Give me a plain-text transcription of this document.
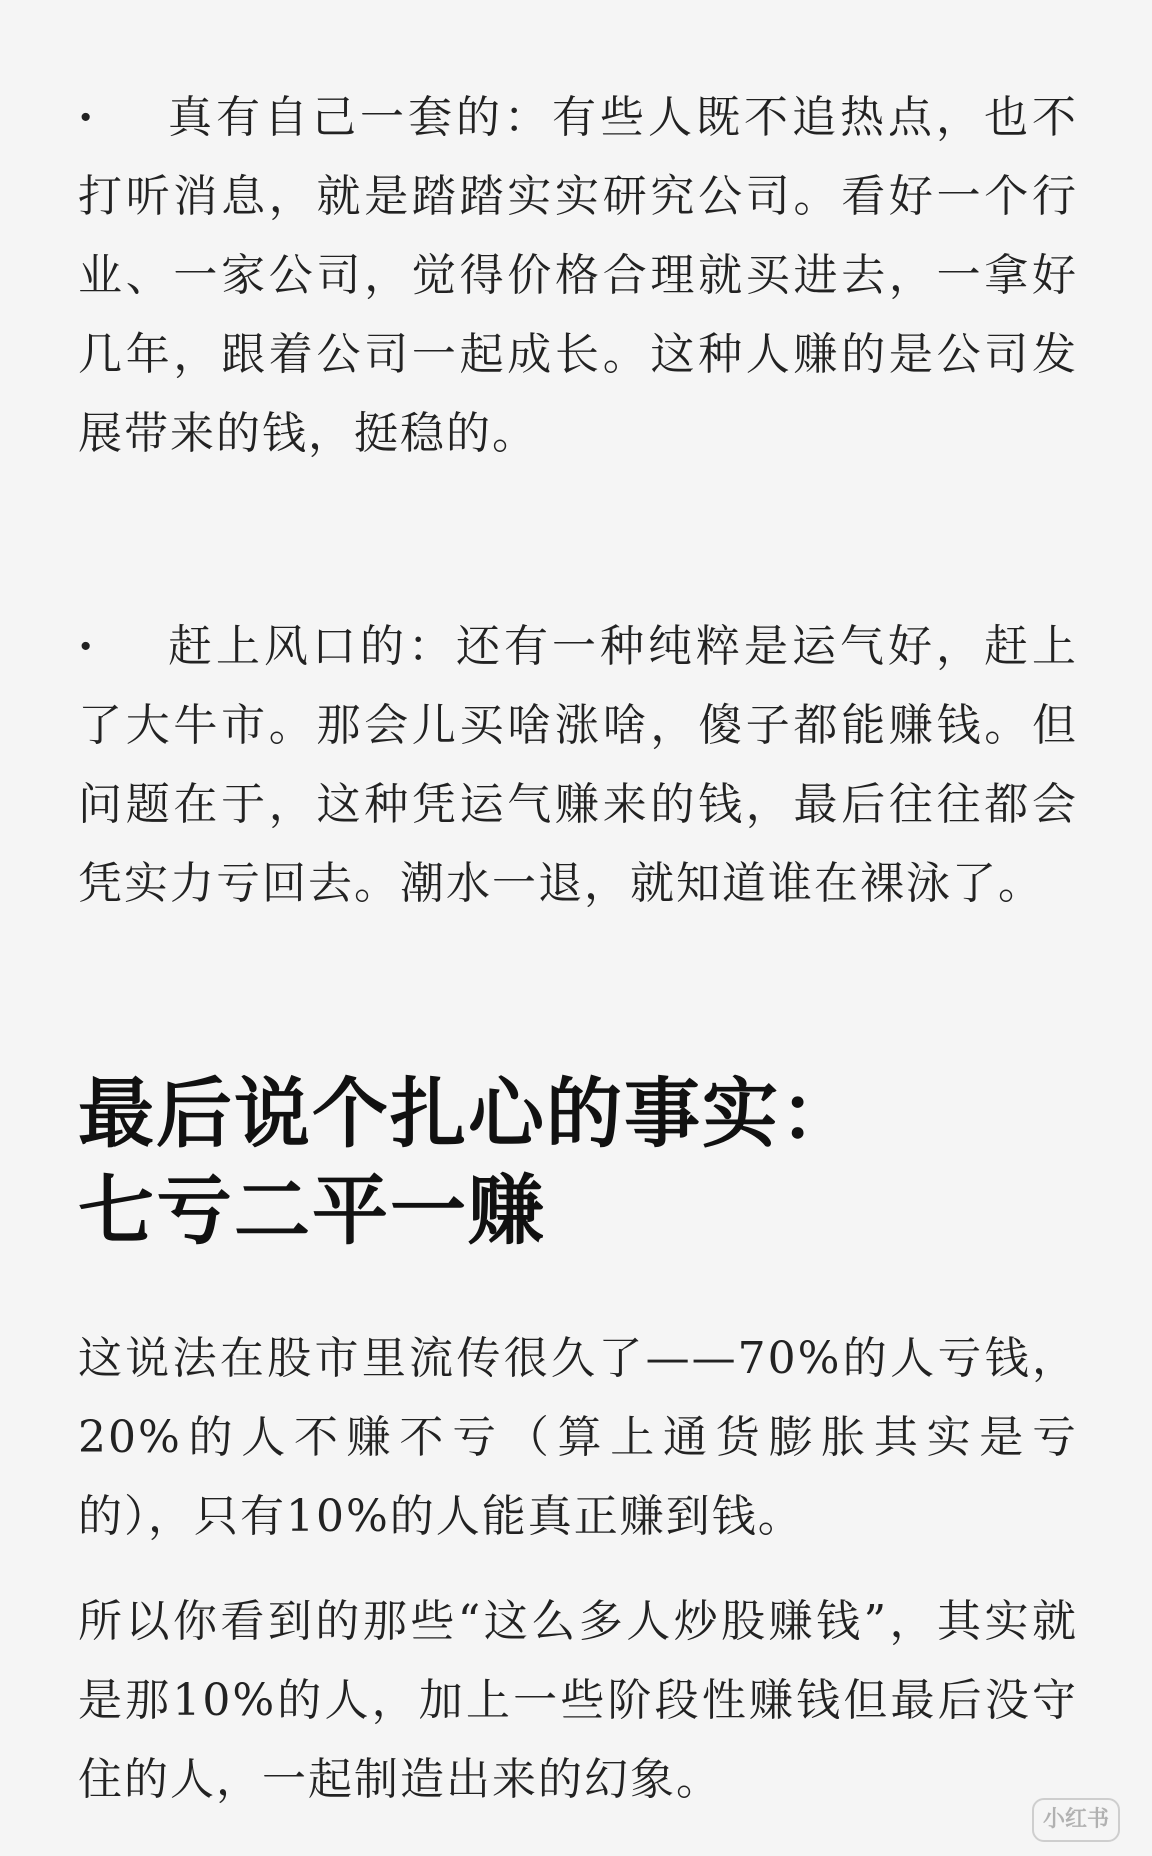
· 真有自己一套的：有些人既不追热点，也不打听消息，就是踏踏实实研究公司。看好一个行业、一家公司，觉得价格合理就买进去，一拿好几年，跟着公司一起成长。这种人赚的是公司发展带来的钱，挺稳的。

· 赶上风口的：还有一种纯粹是运气好，赶上了大牛市。那会儿买啥涨啥，傻子都能赚钱。但问题在于，这种凭运气赚来的钱，最后往往都会凭实力亏回去。潮水一退，就知道谁在裸泳了。

最后说个扎心的事实：
七亏二平一赚

这说法在股市里流传很久了——70%的人亏钱，20%的人不赚不亏（算上通货膨胀其实是亏的），只有10%的人能真正赚到钱。

所以你看到的那些“这么多人炒股赚钱”，其实就是那10%的人，加上一些阶段性赚钱但最后没守住的人，一起制造出来的幻象。

小红书
